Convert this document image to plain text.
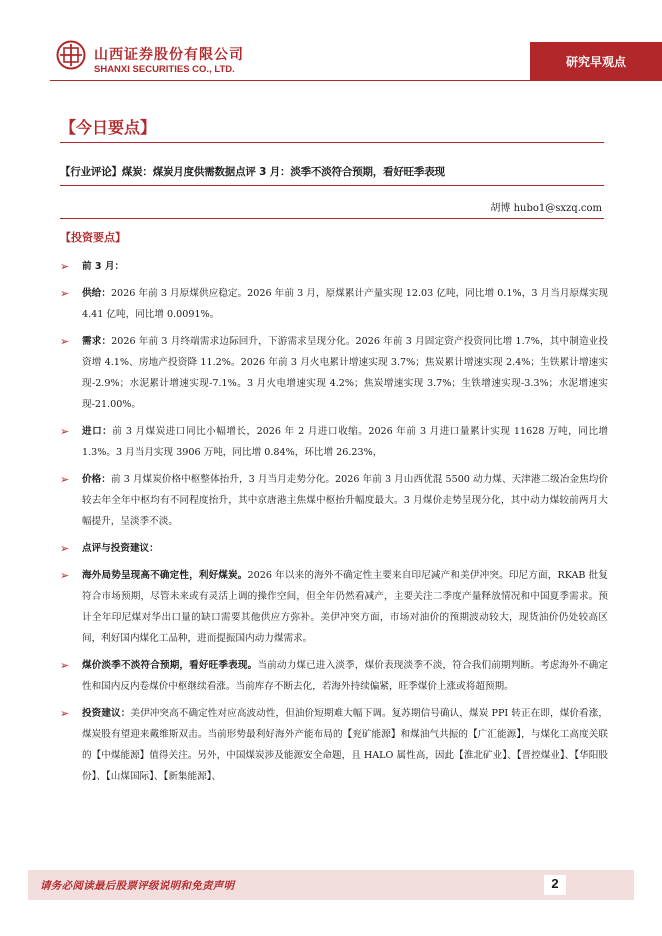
山西证券股份有限公司
SHANXI SECURITIES CO., LTD.
研究早观点
【今日要点】
【行业评论】煤炭：煤炭月度供需数据点评 3 月：淡季不淡符合预期，看好旺季表现
胡博 hubo1@sxzq.com
【投资要点】
➢	前 3 月：
➢	供给：2026 年前 3 月原煤供应稳定。2026 年前 3 月，原煤累计产量实现 12.03 亿吨，同比增 0.1%，3 月当月原煤实现 4.41 亿吨，同比增 0.0091%。
➢	需求：2026 年前 3 月终端需求边际回升，下游需求呈现分化。2026 年前 3 月固定资产投资同比增 1.7%，其中制造业投资增 4.1%、房地产投资降 11.2%。2026 年前 3 月火电累计增速实现 3.7%；焦炭累计增速实现 2.4%；生铁累计增速实现-2.9%；水泥累计增速实现-7.1%。3 月火电增速实现 4.2%；焦炭增速实现 3.7%；生铁增速实现-3.3%；水泥增速实现-21.00%。
➢	进口：前 3 月煤炭进口同比小幅增长，2026 年 2 月进口收缩。2026 年前 3 月进口量累计实现 11628 万吨，同比增 1.3%。3 月当月实现 3906 万吨，同比增 0.84%，环比增 26.23%，
➢	价格：前 3 月煤炭价格中枢整体抬升，3 月当月走势分化。2026 年前 3 月山西优混 5500 动力煤、天津港二级冶金焦均价较去年全年中枢均有不同程度抬升，其中京唐港主焦煤中枢抬升幅度最大。3 月煤价走势呈现分化，其中动力煤较前两月大幅提升，呈淡季不淡。
➢	点评与投资建议：
➢	海外局势呈现高不确定性，利好煤炭。2026 年以来的海外不确定性主要来自印尼减产和美伊冲突。印尼方面，RKAB 批复符合市场预期，尽管未来或有灵活上调的操作空间，但全年仍然看减产，主要关注二季度产量释放情况和中国夏季需求。预计全年印尼煤对华出口量的缺口需要其他供应方弥补。美伊冲突方面，市场对油价的预期波动较大，现货油价仍处较高区间，利好国内煤化工品种，进而提振国内动力煤需求。
➢	煤价淡季不淡符合预期，看好旺季表现。当前动力煤已进入淡季，煤价表现淡季不淡，符合我们前期判断。考虑海外不确定性和国内反内卷煤价中枢继续看涨。当前库存不断去化，若海外持续偏紧，旺季煤价上涨或将超预期。
➢	投资建议：美伊冲突高不确定性对应高波动性，但油价短期难大幅下调。复苏期信号确认，煤炭 PPI 转正在即，煤价看涨，煤炭股有望迎来戴维斯双击。当前形势最利好海外产能布局的【兖矿能源】和煤油气共振的【广汇能源】，与煤化工高度关联的【中煤能源】值得关注。另外，中国煤炭涉及能源安全命题，且 HALO 属性高，因此【淮北矿业】、【晋控煤业】、【华阳股份】、【山煤国际】、【新集能源】、
请务必阅读最后股票评级说明和免责声明	2
